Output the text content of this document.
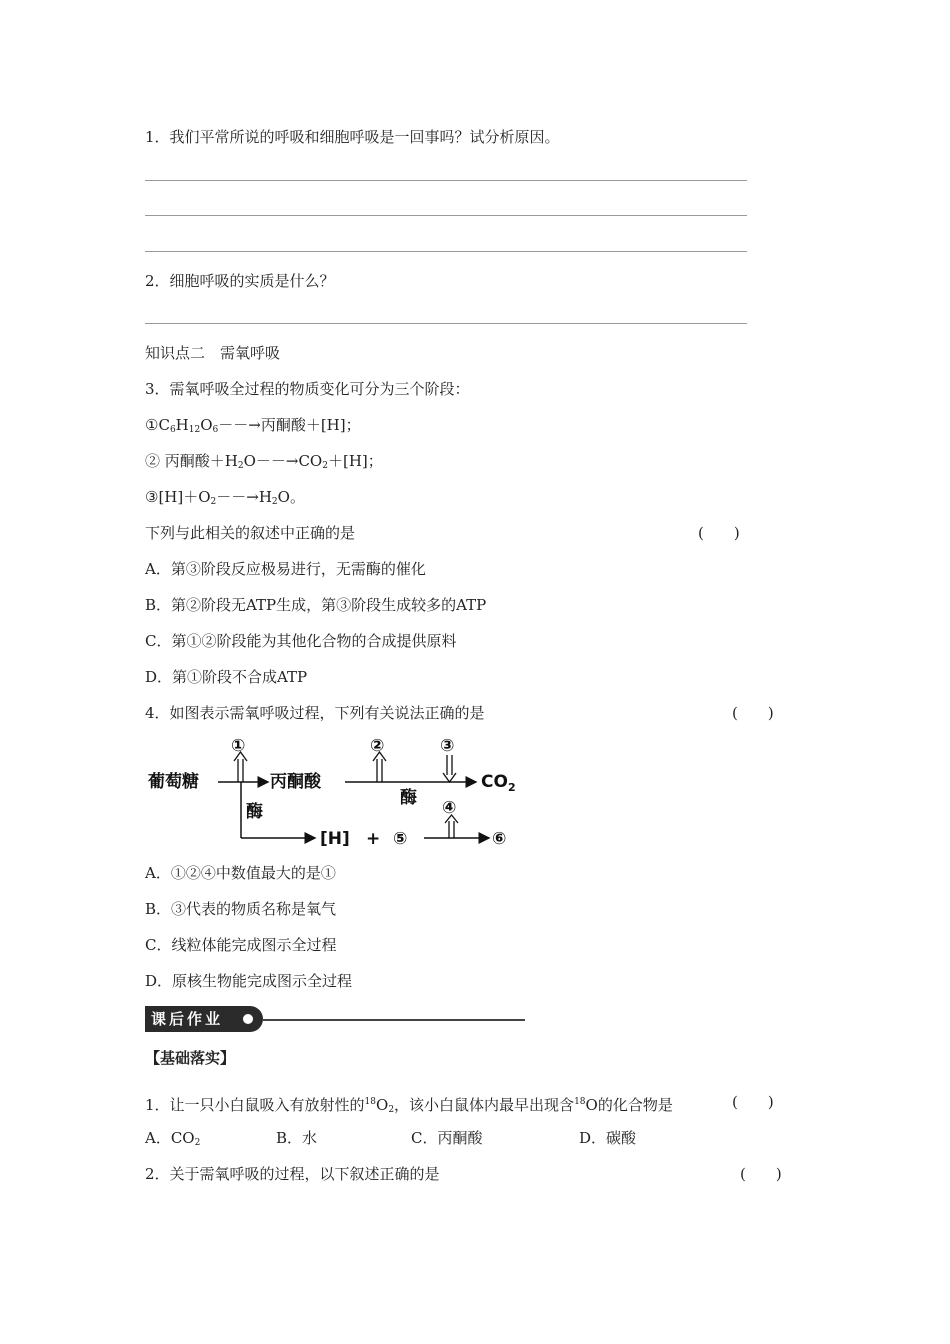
1．我们平常所说的呼吸和细胞呼吸是一回事吗？试分析原因。
2．细胞呼吸的实质是什么？
知识点二　需氧呼吸
3．需氧呼吸全过程的物质变化可分为三个阶段：
$①C_6H_{12}O_6--\to$丙酮酸＋[H]；
② 丙酮酸$+H_2O--\to CO_2+[H]$；
$③[H]+O_2--\to H_2O$。
下列与此相关的叙述中正确的是	(　　)
A．第③阶段反应极易进行，无需酶的催化
B．第②阶段无ATP生成，第③阶段生成较多的ATP
C．第①②阶段能为其他化合物的合成提供原料
D．第①阶段不合成ATP
4．如图表示需氧呼吸过程，下列有关说法正确的是	(　　)
葡萄糖
①
酶
丙酮酸
②	③
酶
$CO_2$
[H] + ⑤
④
⑥
A．①②④中数值最大的是①
B．③代表的物质名称是氧气
C．线粒体能完成图示全过程
D．原核生物能完成图示全过程
课后作业
【基础落实】
1．让一只小白鼠吸入有放射性的$^{18}O_2$，该小白鼠体内最早出现含$^{18}$O的化合物是	(　　)
A．$CO_2$	B．水	C．丙酮酸	D．碳酸
2．关于需氧呼吸的过程，以下叙述正确的是	(　　)
